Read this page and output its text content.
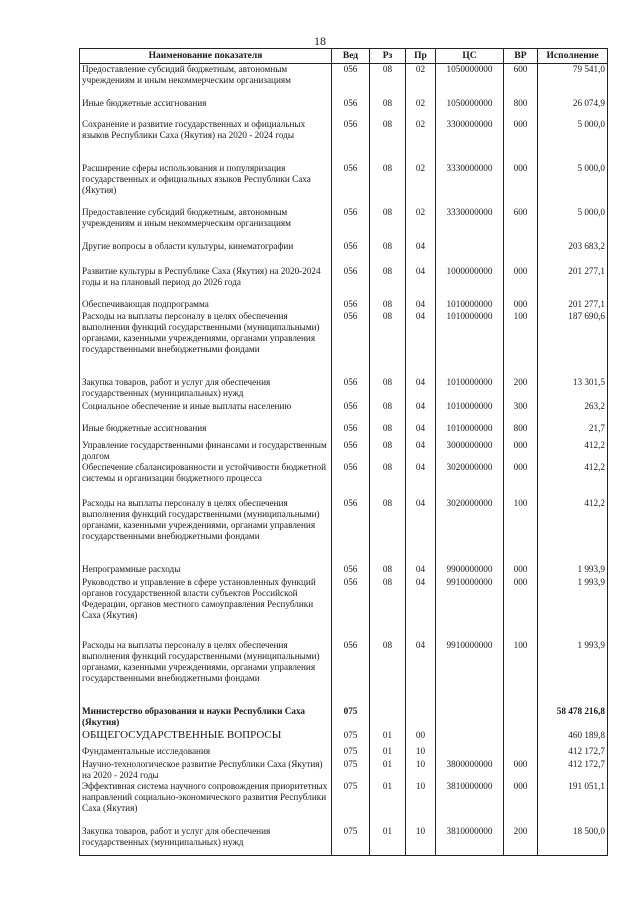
18
Наименование показателя	Вед	Рз	Пр	ЦС	ВР	Исполнение
Предоставление субсидий бюджетным, автономным учреждениям и иным некоммерческим организациям	056	08	02	1050000000	600	79 541,0
Иные бюджетные ассигнования	056	08	02	1050000000	800	26 074,9
Сохранение и развитие государственных и официальных языков Республики Саха (Якутия) на 2020 - 2024 годы	056	08	02	3300000000	000	5 000,0
Расширение сферы использования и популяризация государственных и официальных языков Республики Саха (Якутия)	056	08	02	3330000000	000	5 000,0
Предоставление субсидий бюджетным, автономным учреждениям и иным некоммерческим организациям	056	08	02	3330000000	600	5 000,0
Другие вопросы в области культуры, кинематографии	056	08	04			203 683,2
Развитие культуры в Республике Саха (Якутия) на 2020-2024 годы и на плановый период до 2026 года	056	08	04	1000000000	000	201 277,1
Обеспечивающая подпрограмма	056	08	04	1010000000	000	201 277,1
Расходы на выплаты персоналу в целях обеспечения выполнения функций государственными (муниципальными) органами, казенными учреждениями, органами управления государственными внебюджетными фондами	056	08	04	1010000000	100	187 690,6
Закупка товаров, работ и услуг для обеспечения государственных (муниципальных) нужд	056	08	04	1010000000	200	13 301,5
Социальное обеспечение и иные выплаты населению	056	08	04	1010000000	300	263,2
Иные бюджетные ассигнования	056	08	04	1010000000	800	21,7
Управление государственными финансами и государственным долгом	056	08	04	3000000000	000	412,2
Обеспечение сбалансированности и устойчивости бюджетной системы и организации бюджетного процесса	056	08	04	3020000000	000	412,2
Расходы на выплаты персоналу в целях обеспечения выполнения функций государственными (муниципальными) органами, казенными учреждениями, органами управления государственными внебюджетными фондами	056	08	04	3020000000	100	412,2
Непрограммные расходы	056	08	04	9900000000	000	1 993,9
Руководство и управление в сфере установленных функций органов государственной власти субъектов Российской Федерации, органов местного самоуправления Республики Саха (Якутия)	056	08	04	9910000000	000	1 993,9
Расходы на выплаты персоналу в целях обеспечения выполнения функций государственными (муниципальными) органами, казенными учреждениями, органами управления государственными внебюджетными фондами	056	08	04	9910000000	100	1 993,9
Министерство образования и науки Республики Саха (Якутия)	075					58 478 216,8
ОБЩЕГОСУДАРСТВЕННЫЕ ВОПРОСЫ	075	01	00			460 189,8
Фундаментальные исследования	075	01	10			412 172,7
Научно-технологическое развитие Республики Саха (Якутия) на 2020 - 2024 годы	075	01	10	3800000000	000	412 172,7
Эффективная система научного сопровождения приоритетных направлений социально-экономического развития Республики Саха (Якутия)	075	01	10	3810000000	000	191 051,1
Закупка товаров, работ и услуг для обеспечения государственных (муниципальных) нужд	075	01	10	3810000000	200	18 500,0
